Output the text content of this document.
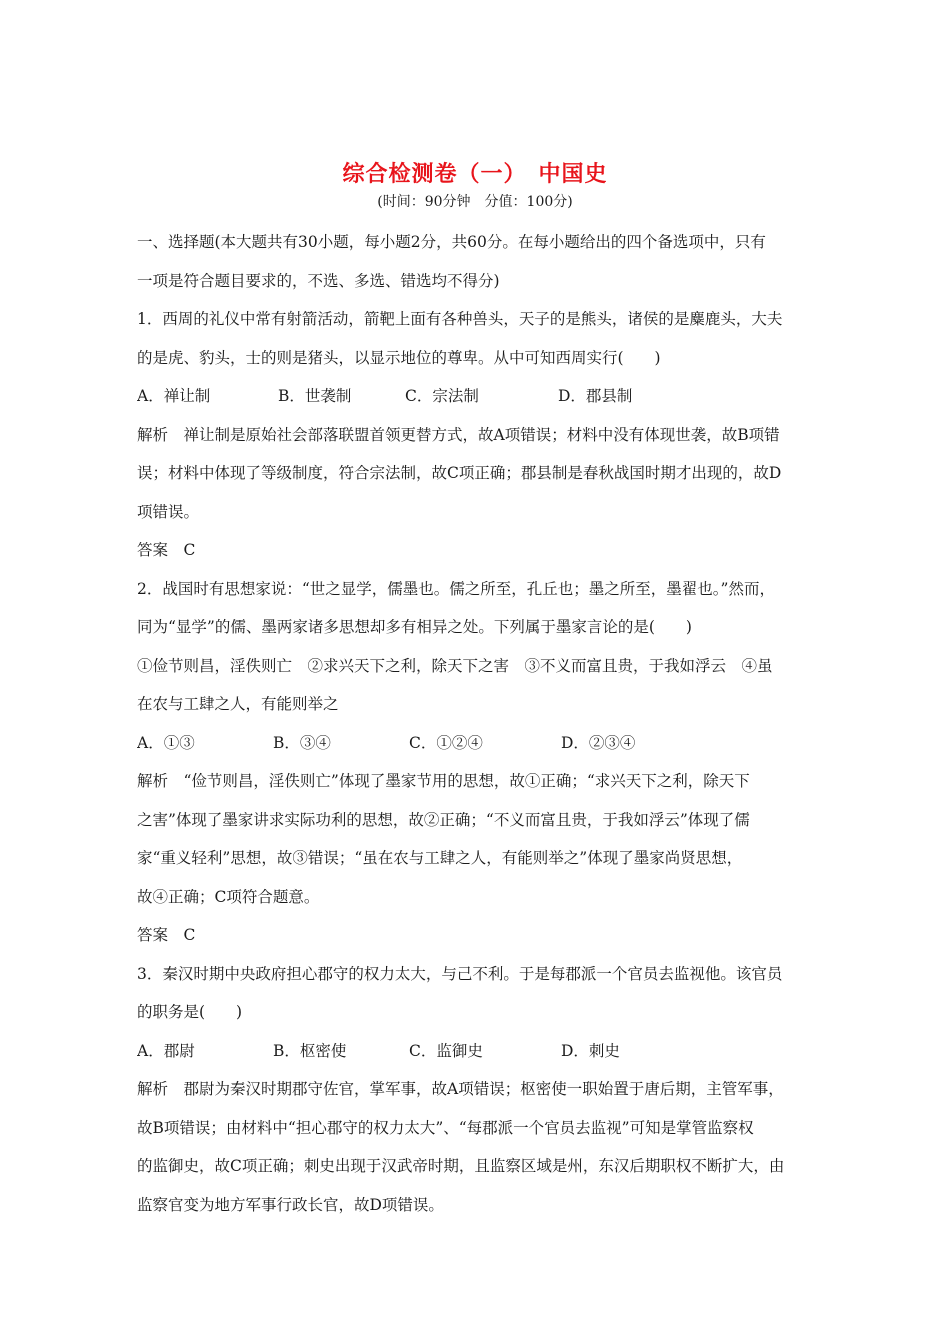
综合检测卷（一）　中国史
(时间：90分钟　分值：100分)
一、选择题(本大题共有30小题，每小题2分，共60分。在每小题给出的四个备选项中，只有
一项是符合题目要求的，不选、多选、错选均不得分)
1．西周的礼仪中常有射箭活动，箭靶上面有各种兽头，天子的是熊头，诸侯的是麋鹿头，大夫
的是虎、豹头，士的则是猪头，以显示地位的尊卑。从中可知西周实行(　　)
A．禅让制	B．世袭制	C．宗法制	D．郡县制
解析　禅让制是原始社会部落联盟首领更替方式，故A项错误；材料中没有体现世袭，故B项错
误；材料中体现了等级制度，符合宗法制，故C项正确；郡县制是春秋战国时期才出现的，故D
项错误。
答案　C
2．战国时有思想家说：“世之显学，儒墨也。儒之所至，孔丘也；墨之所至，墨翟也。”然而，
同为“显学”的儒、墨两家诸多思想却多有相异之处。下列属于墨家言论的是(　　)
①俭节则昌，淫佚则亡　②求兴天下之利，除天下之害　③不义而富且贵，于我如浮云　④虽
在农与工肆之人，有能则举之
A．①③	B．③④	C．①②④	D．②③④
解析　“俭节则昌，淫佚则亡”体现了墨家节用的思想，故①正确；“求兴天下之利，除天下
之害”体现了墨家讲求实际功利的思想，故②正确；“不义而富且贵，于我如浮云”体现了儒
家“重义轻利”思想，故③错误；“虽在农与工肆之人，有能则举之”体现了墨家尚贤思想，
故④正确；C项符合题意。
答案　C
3．秦汉时期中央政府担心郡守的权力太大，与己不利。于是每郡派一个官员去监视他。该官员
的职务是(　　)
A．郡尉	B．枢密使	C．监御史	D．刺史
解析　郡尉为秦汉时期郡守佐官，掌军事，故A项错误；枢密使一职始置于唐后期，主管军事，
故B项错误；由材料中“担心郡守的权力太大”、“每郡派一个官员去监视”可知是掌管监察权
的监御史，故C项正确；刺史出现于汉武帝时期，且监察区域是州，东汉后期职权不断扩大，由
监察官变为地方军事行政长官，故D项错误。
